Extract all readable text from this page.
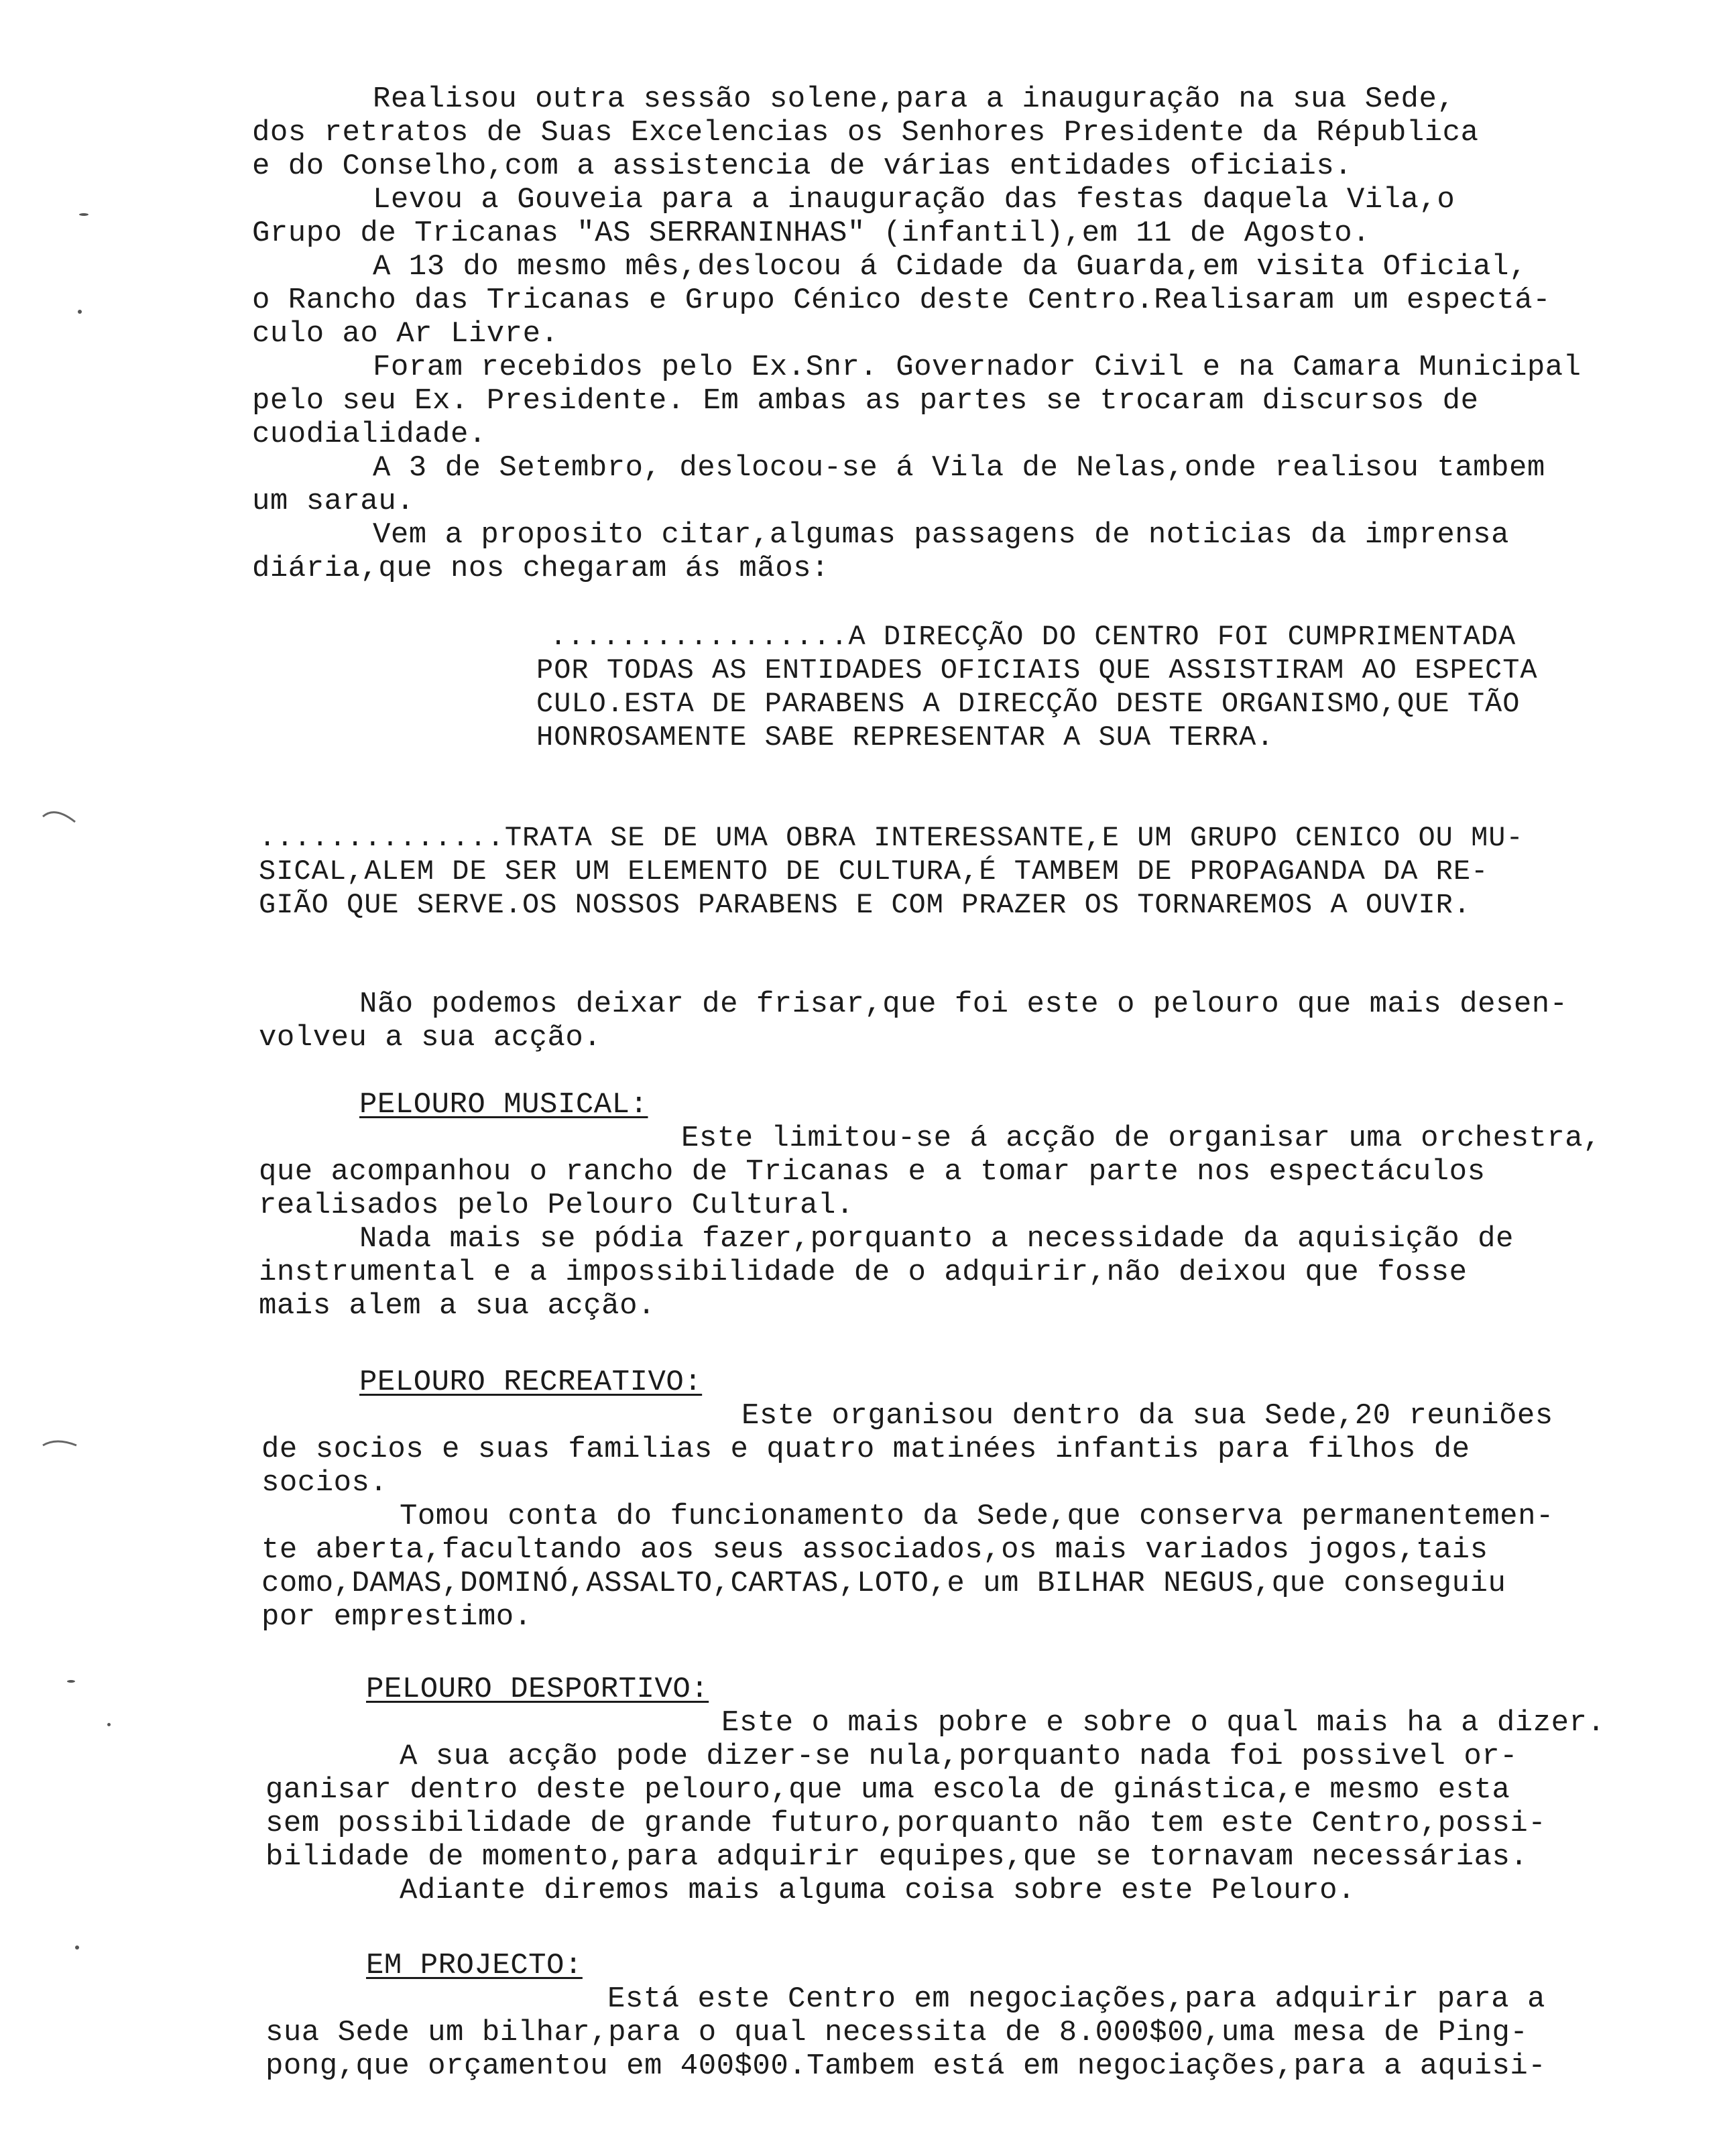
Realisou outra sessão solene,para a inauguração na sua Sede,
dos retratos de Suas Excelencias os Senhores Presidente da Républica
e do Conselho,com a assistencia de várias entidades oficiais.
Levou a Gouveia para a inauguração das festas daquela Vila,o
Grupo de Tricanas "AS SERRANINHAS" (infantil),em 11 de Agosto.
A 13 do mesmo mês,deslocou á Cidade da Guarda,em visita Oficial,
o Rancho das Tricanas e Grupo Cénico deste Centro.Realisaram um espectá-
culo ao Ar Livre.
Foram recebidos pelo Ex.Snr. Governador Civil e na Camara Municipal
pelo seu Ex. Presidente. Em ambas as partes se trocaram discursos de
cuodialidade.
A 3 de Setembro, deslocou-se á Vila de Nelas,onde realisou tambem
um sarau.
Vem a proposito citar,algumas passagens de noticias da imprensa
diária,que nos chegaram ás mãos:
.................A DIRECÇÃO DO CENTRO FOI CUMPRIMENTADA
POR TODAS AS ENTIDADES OFICIAIS QUE ASSISTIRAM AO ESPECTA
CULO.ESTA DE PARABENS A DIRECÇÃO DESTE ORGANISMO,QUE TÃO
HONROSAMENTE SABE REPRESENTAR A SUA TERRA.
..............TRATA SE DE UMA OBRA INTERESSANTE,E UM GRUPO CENICO OU MU-
SICAL,ALEM DE SER UM ELEMENTO DE CULTURA,É TAMBEM DE PROPAGANDA DA RE-
GIÃO QUE SERVE.OS NOSSOS PARABENS E COM PRAZER OS TORNAREMOS A OUVIR.
Não podemos deixar de frisar,que foi este o pelouro que mais desen-
volveu a sua acção.
PELOURO MUSICAL:
Este limitou-se á acção de organisar uma orchestra,
que acompanhou o rancho de Tricanas e a tomar parte nos espectáculos
realisados pelo Pelouro Cultural.
Nada mais se pódia fazer,porquanto a necessidade da aquisição de
instrumental e a impossibilidade de o adquirir,não deixou que fosse
mais alem a sua acção.
PELOURO RECREATIVO:
Este organisou dentro da sua Sede,20 reuniões
de socios e suas familias e quatro matinées infantis para filhos de
socios.
Tomou conta do funcionamento da Sede,que conserva permanentemen-
te aberta,facultando aos seus associados,os mais variados jogos,tais
como,DAMAS,DOMINÓ,ASSALTO,CARTAS,LOTO,e um BILHAR NEGUS,que conseguiu
por emprestimo.
PELOURO DESPORTIVO:
Este o mais pobre e sobre o qual mais ha a dizer.
A sua acção pode dizer-se nula,porquanto nada foi possivel or-
ganisar dentro deste pelouro,que uma escola de ginástica,e mesmo esta
sem possibilidade de grande futuro,porquanto não tem este Centro,possi-
bilidade de momento,para adquirir equipes,que se tornavam necessárias.
Adiante diremos mais alguma coisa sobre este Pelouro.
EM PROJECTO:
Está este Centro em negociações,para adquirir para a
sua Sede um bilhar,para o qual necessita de 8.000$00,uma mesa de Ping-
pong,que orçamentou em 400$00.Tambem está em negociações,para a aquisi-
